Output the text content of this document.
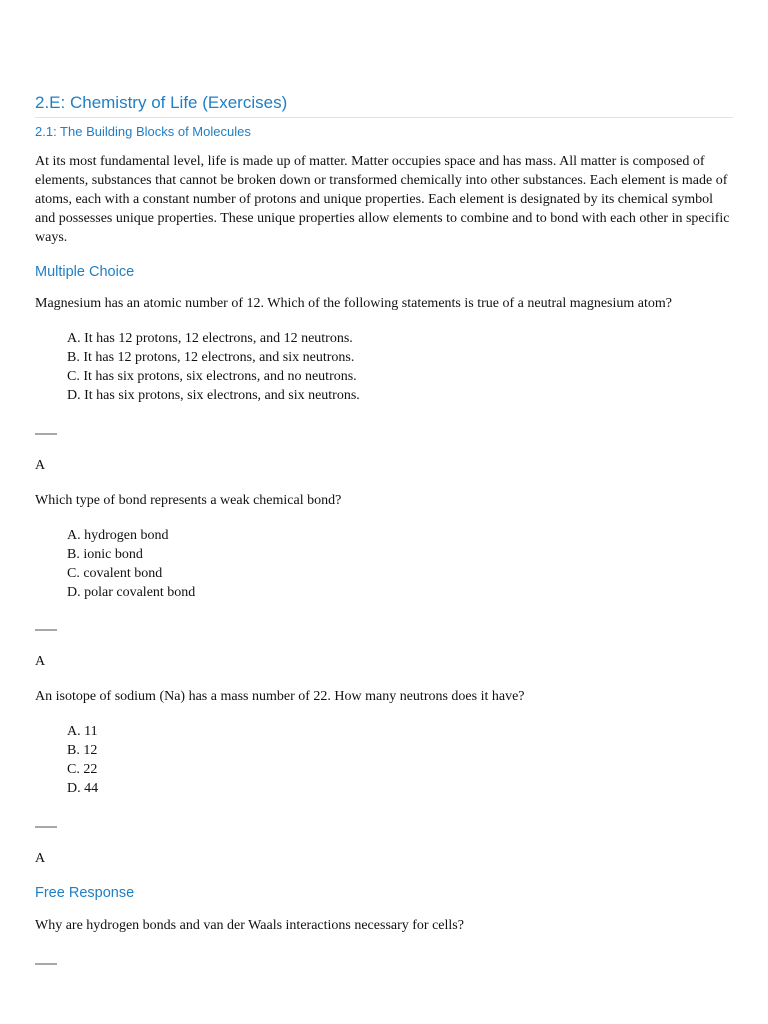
2.E: Chemistry of Life (Exercises)
2.1: The Building Blocks of Molecules

At its most fundamental level, life is made up of matter. Matter occupies space and has mass. All matter is composed of elements, substances that cannot be broken down or transformed chemically into other substances. Each element is made of atoms, each with a constant number of protons and unique properties. Each element is designated by its chemical symbol and possesses unique properties. These unique properties allow elements to combine and to bond with each other in specific ways.

Multiple Choice

Magnesium has an atomic number of 12. Which of the following statements is true of a neutral magnesium atom?

A. It has 12 protons, 12 electrons, and 12 neutrons.
B. It has 12 protons, 12 electrons, and six neutrons.
C. It has six protons, six electrons, and no neutrons.
D. It has six protons, six electrons, and six neutrons.
A

Which type of bond represents a weak chemical bond?

A. hydrogen bond
B. ionic bond
C. covalent bond
D. polar covalent bond
A

An isotope of sodium (Na) has a mass number of 22. How many neutrons does it have?

A. 11
B. 12
C. 22
D. 44
A
Free Response

Why are hydrogen bonds and van der Waals interactions necessary for cells?
